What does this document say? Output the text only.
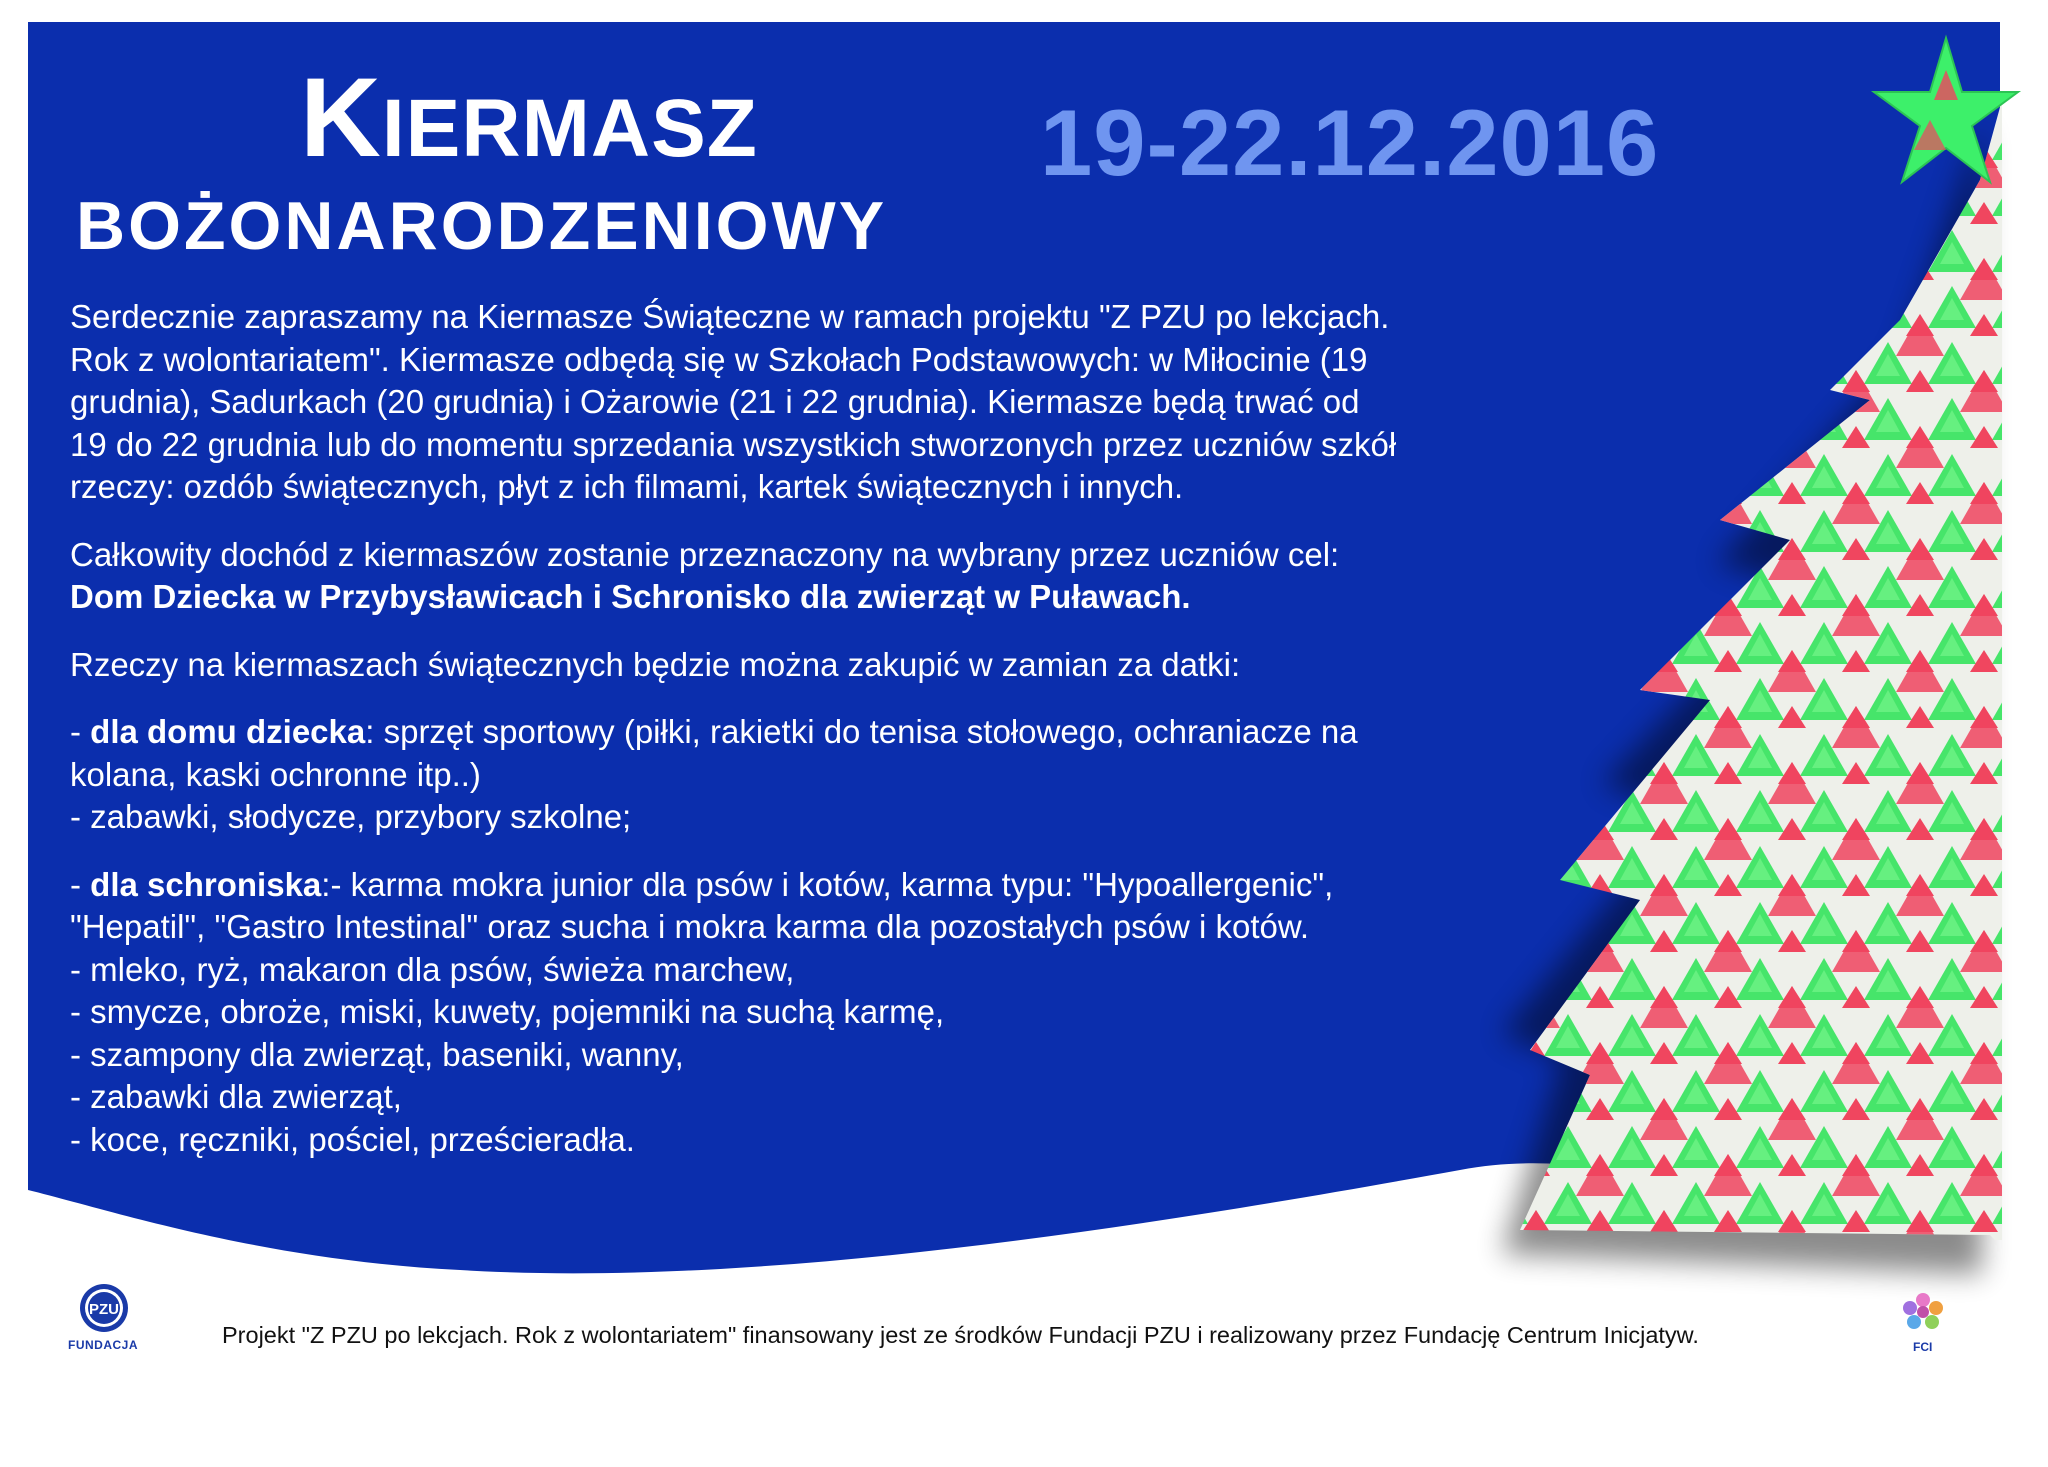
KIERMASZ
BOŻONARODZENIOWY
19-22.12.2016

Serdecznie zapraszamy na Kiermasze Świąteczne w ramach projektu "Z PZU po lekcjach.
Rok z wolontariatem". Kiermasze odbędą się w Szkołach Podstawowych: w Miłocinie (19
grudnia), Sadurkach (20 grudnia) i Ożarowie (21 i 22 grudnia). Kiermasze będą trwać od
19 do 22 grudnia lub do momentu sprzedania wszystkich stworzonych przez uczniów szkół
rzeczy: ozdób świątecznych, płyt z ich filmami, kartek świątecznych i innych.

Całkowity dochód z kiermaszów zostanie przeznaczony na wybrany przez uczniów cel:
Dom Dziecka w Przybysławicach i Schronisko dla zwierząt w Puławach.

Rzeczy na kiermaszach świątecznych będzie można zakupić w zamian za datki:

- dla domu dziecka: sprzęt sportowy (piłki, rakietki do tenisa stołowego, ochraniacze na
kolana, kaski ochronne itp..)
- zabawki, słodycze, przybory szkolne;

- dla schroniska:- karma mokra junior dla psów i kotów, karma typu: "Hypoallergenic",
"Hepatil", "Gastro Intestinal" oraz sucha i mokra karma dla pozostałych psów i kotów.
- mleko, ryż, makaron dla psów, świeża marchew,
- smycze, obroże, miski, kuwety, pojemniki na suchą karmę,
- szampony dla zwierząt, baseniki, wanny,
- zabawki dla zwierząt,
- koce, ręczniki, pościel, prześcieradła.

PZU
FUNDACJA	Projekt "Z PZU po lekcjach. Rok z wolontariatem" finansowany jest ze środków Fundacji PZU i realizowany przez Fundację Centrum Inicjatyw.	FCI
